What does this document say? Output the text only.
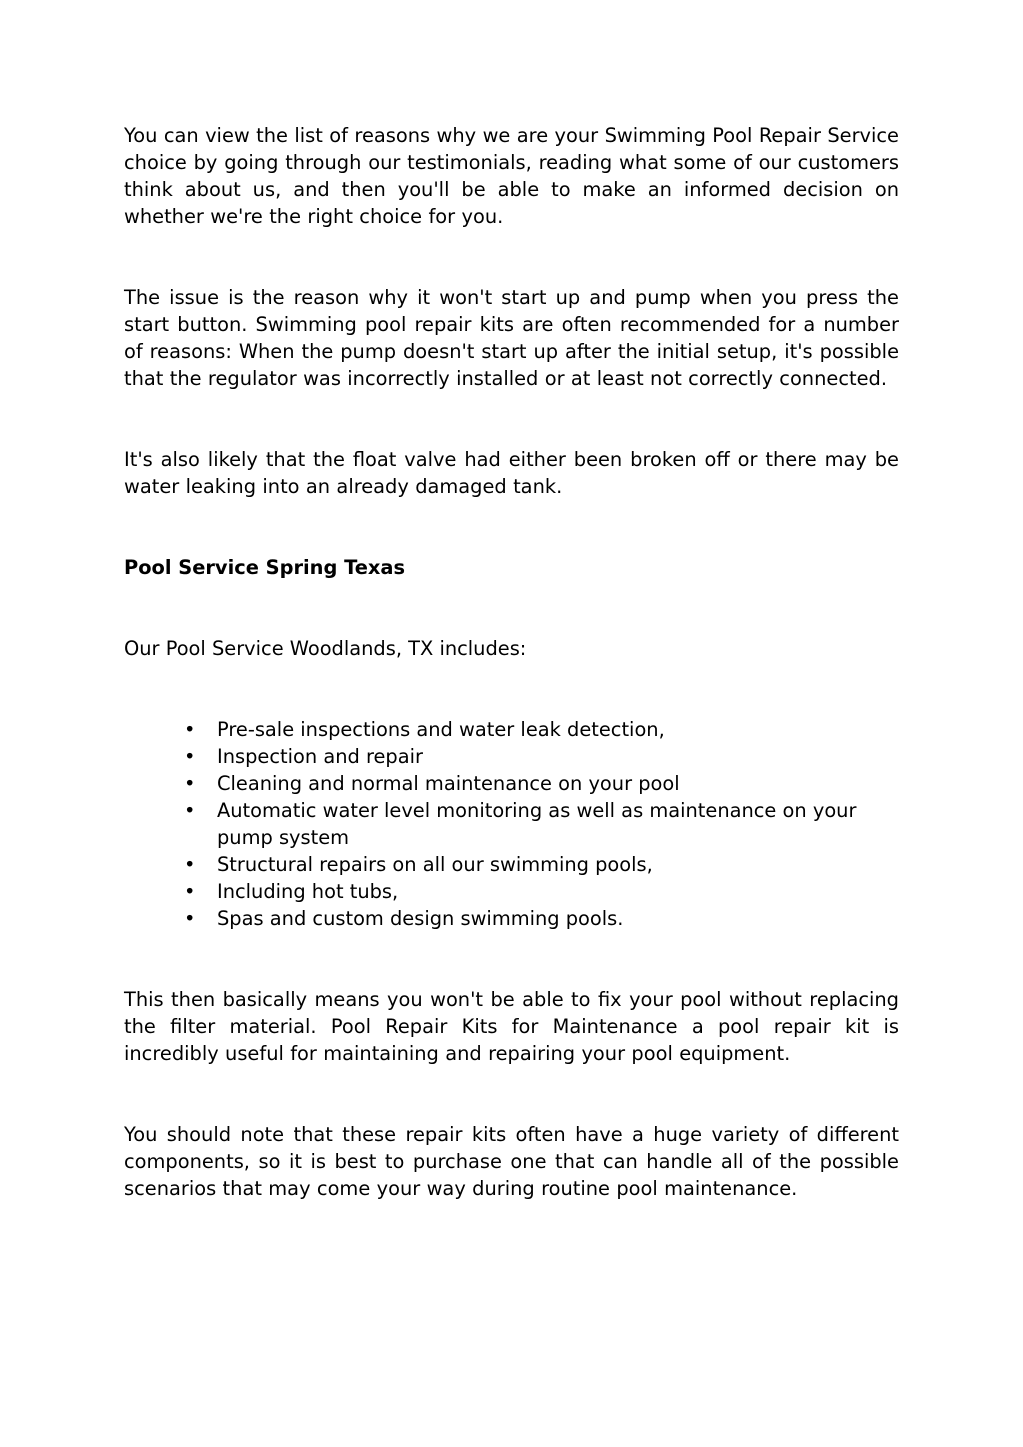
You can view the list of reasons why we are your Swimming Pool Repair Service choice by going through our testimonials, reading what some of our customers think about us, and then you'll be able to make an informed decision on whether we're the right choice for you.

The issue is the reason why it won't start up and pump when you press the start button. Swimming pool repair kits are often recommended for a number of reasons: When the pump doesn't start up after the initial setup, it's possible that the regulator was incorrectly installed or at least not correctly connected.

It's also likely that the float valve had either been broken off or there may be water leaking into an already damaged tank.

Pool Service Spring Texas

Our Pool Service Woodlands, TX includes:

• Pre-sale inspections and water leak detection,
• Inspection and repair
• Cleaning and normal maintenance on your pool
• Automatic water level monitoring as well as maintenance on your pump system
• Structural repairs on all our swimming pools,
• Including hot tubs,
• Spas and custom design swimming pools.

This then basically means you won't be able to fix your pool without replacing the filter material. Pool Repair Kits for Maintenance a pool repair kit is incredibly useful for maintaining and repairing your pool equipment.

You should note that these repair kits often have a huge variety of different components, so it is best to purchase one that can handle all of the possible scenarios that may come your way during routine pool maintenance.
